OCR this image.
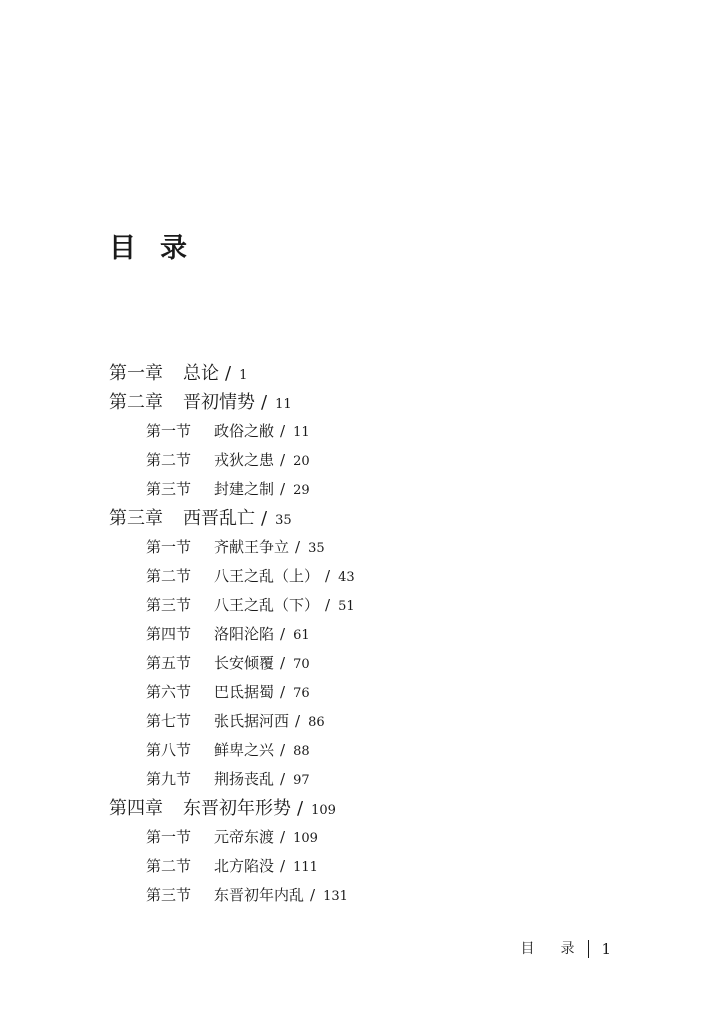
目 录
第一章 总论 / 1
第二章 晋初情势 / 11
第一节 政俗之敝 / 11
第二节 戎狄之患 / 20
第三节 封建之制 / 29
第三章 西晋乱亡 / 35
第一节 齐献王争立 / 35
第二节 八王之乱（上） / 43
第三节 八王之乱（下） / 51
第四节 洛阳沦陷 / 61
第五节 长安倾覆 / 70
第六节 巴氐据蜀 / 76
第七节 张氏据河西 / 86
第八节 鲜卑之兴 / 88
第九节 荆扬丧乱 / 97
第四章 东晋初年形势 / 109
第一节 元帝东渡 / 109
第二节 北方陷没 / 111
第三节 东晋初年内乱 / 131
目　录 1
